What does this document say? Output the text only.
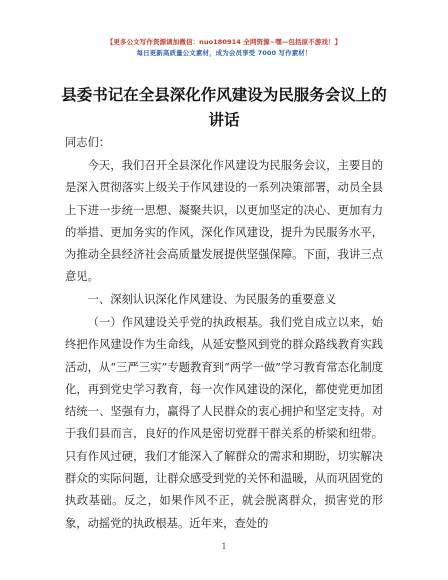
【更多公文写作资源请加微信：nuo180914 全网资源~嘿—包括原不游戏！】
每日更新高质量公文素材，成为会员享受 7000 写作素材！
县委书记在全县深化作风建设为民服务会议上的讲话
同志们：
今天，我们召开全县深化作风建设为民服务会议，主要目的是深入贯彻落实上级关于作风建设的一系列决策部署，动员全县上下进一步统一思想、凝聚共识，以更加坚定的决心、更加有力的举措、更加务实的作风，深化作风建设，提升为民服务水平，为推动全县经济社会高质量发展提供坚强保障。下面，我讲三点意见。
一、深刻认识深化作风建设、为民服务的重要意义
（一）作风建设关乎党的执政根基。我们党自成立以来，始终把作风建设作为生命线，从延安整风到党的群众路线教育实践活动，从“三严三实”专题教育到“两学一做”学习教育常态化制度化，再到党史学习教育，每一次作风建设的深化，都使党更加团结统一、坚强有力，赢得了人民群众的衷心拥护和坚定支持。对于我们县而言，良好的作风是密切党群干群关系的桥梁和纽带。只有作风过硬，我们才能深入了解群众的需求和期盼，切实解决群众的实际问题，让群众感受到党的关怀和温暖，从而巩固党的执政基础。反之，如果作风不正，就会脱离群众，损害党的形象，动摇党的执政根基。近年来，查处的
1
